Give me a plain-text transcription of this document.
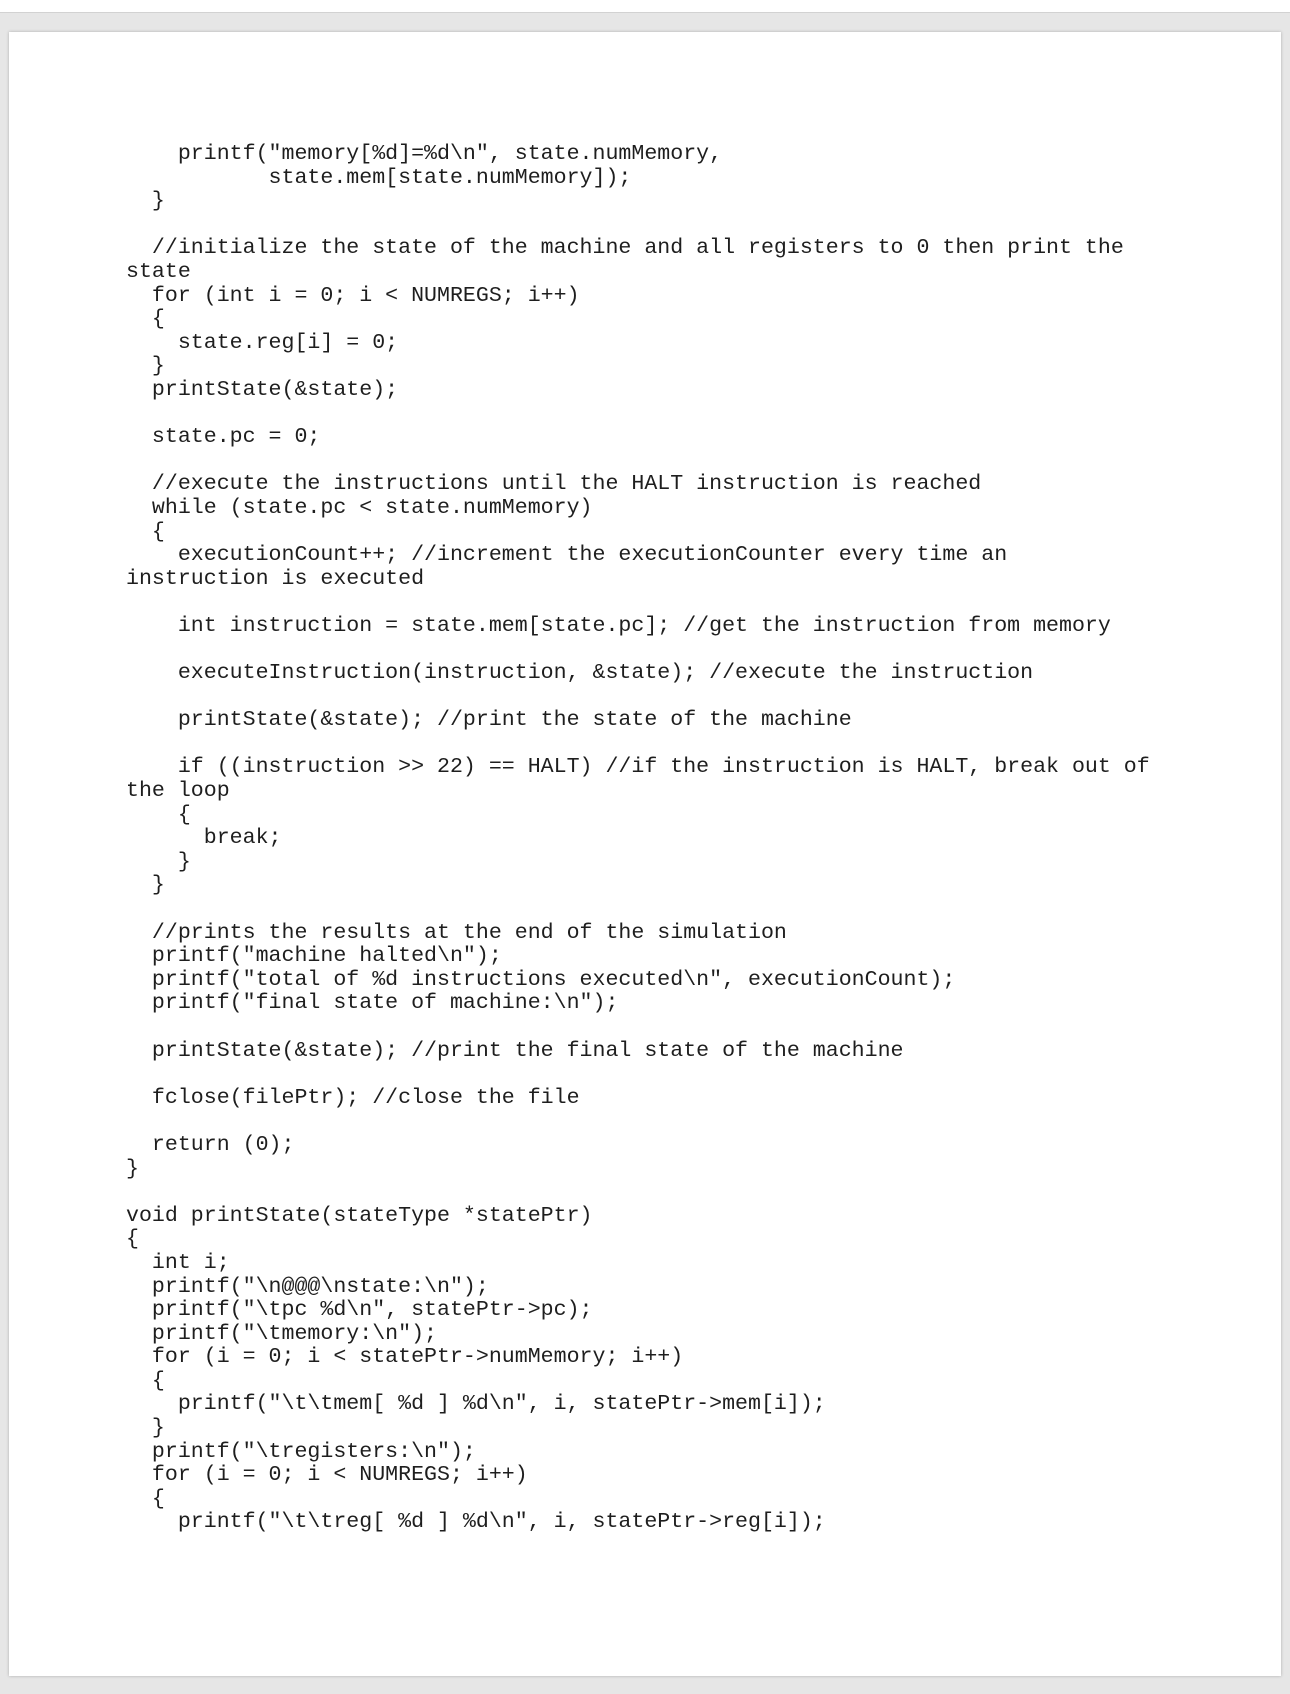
printf("memory[%d]=%d\n", state.numMemory,
state.mem[state.numMemory]);
}
//initialize the state of the machine and all registers to 0 then print the
state
for (int i = 0; i < NUMREGS; i++)
{
state.reg[i] = 0;
}
printState(&state);
state.pc = 0;
//execute the instructions until the HALT instruction is reached
while (state.pc < state.numMemory)
{
executionCount++; //increment the executionCounter every time an
instruction is executed
int instruction = state.mem[state.pc]; //get the instruction from memory
executeInstruction(instruction, &state); //execute the instruction
printState(&state); //print the state of the machine
if ((instruction >> 22) == HALT) //if the instruction is HALT, break out of
the loop
{
break;
}
}
//prints the results at the end of the simulation
printf("machine halted\n");
printf("total of %d instructions executed\n", executionCount);
printf("final state of machine:\n");
printState(&state); //print the final state of the machine
fclose(filePtr); //close the file
return (0);
}
void printState(stateType *statePtr)
{
int i;
printf("\n@@@\nstate:\n");
printf("\tpc %d\n", statePtr->pc);
printf("\tmemory:\n");
for (i = 0; i < statePtr->numMemory; i++)
{
printf("\t\tmem[ %d ] %d\n", i, statePtr->mem[i]);
}
printf("\tregisters:\n");
for (i = 0; i < NUMREGS; i++)
{
printf("\t\treg[ %d ] %d\n", i, statePtr->reg[i]);
